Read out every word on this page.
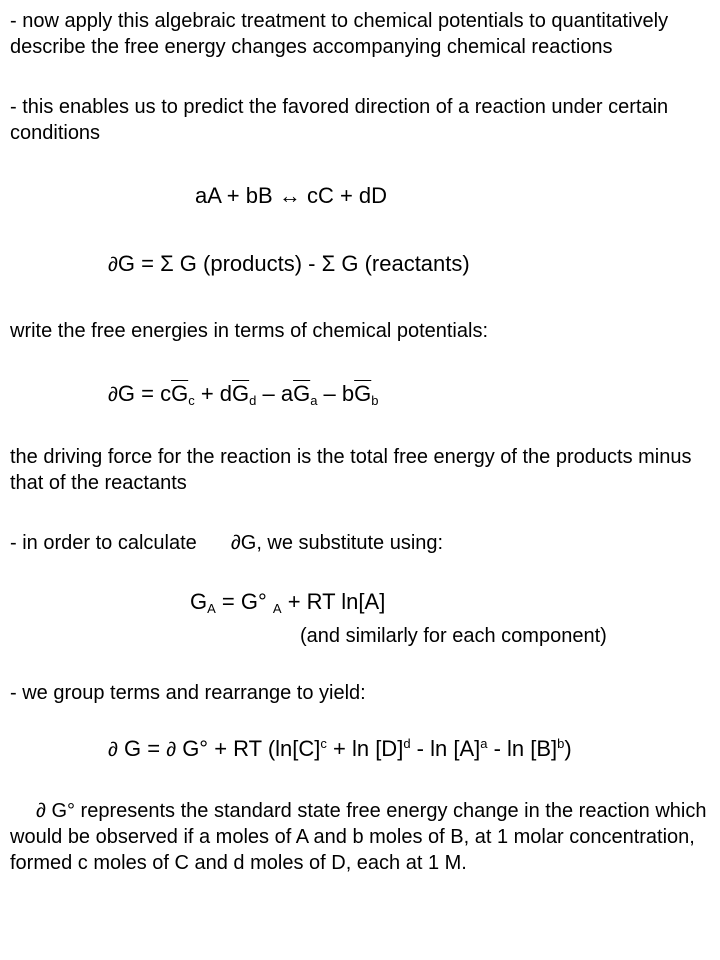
- now apply this algebraic treatment to chemical potentials to quantitatively describe the free energy changes accompanying chemical reactions

- this enables us to predict the favored direction of a reaction under certain conditions

aA + bB ↔ cC + dD
∂G = Σ G (products) - Σ G (reactants)

write the free energies in terms of chemical potentials:

$\partial G = c\overline{G}_c + d\overline{G}_d - a\overline{G}_a - b\overline{G}_b$

the driving force for the reaction is the total free energy of the products minus that of the reactants

- in order to calculate ∂G, we substitute using:

$G_A = G^\circ$ $_A$ + RT ln[A]
(and similarly for each component)

- we group terms and rearrange to yield:

∂ G = ∂ G° + RT $(\ln[C]^c + \ln [D]^d - \ln [A]^a - \ln [B]^b)$

∂ G° represents the standard state free energy change in the reaction which would be observed if a moles of A and b moles of B, at 1 molar concentration, formed c moles of C and d moles of D, each at 1 M.
